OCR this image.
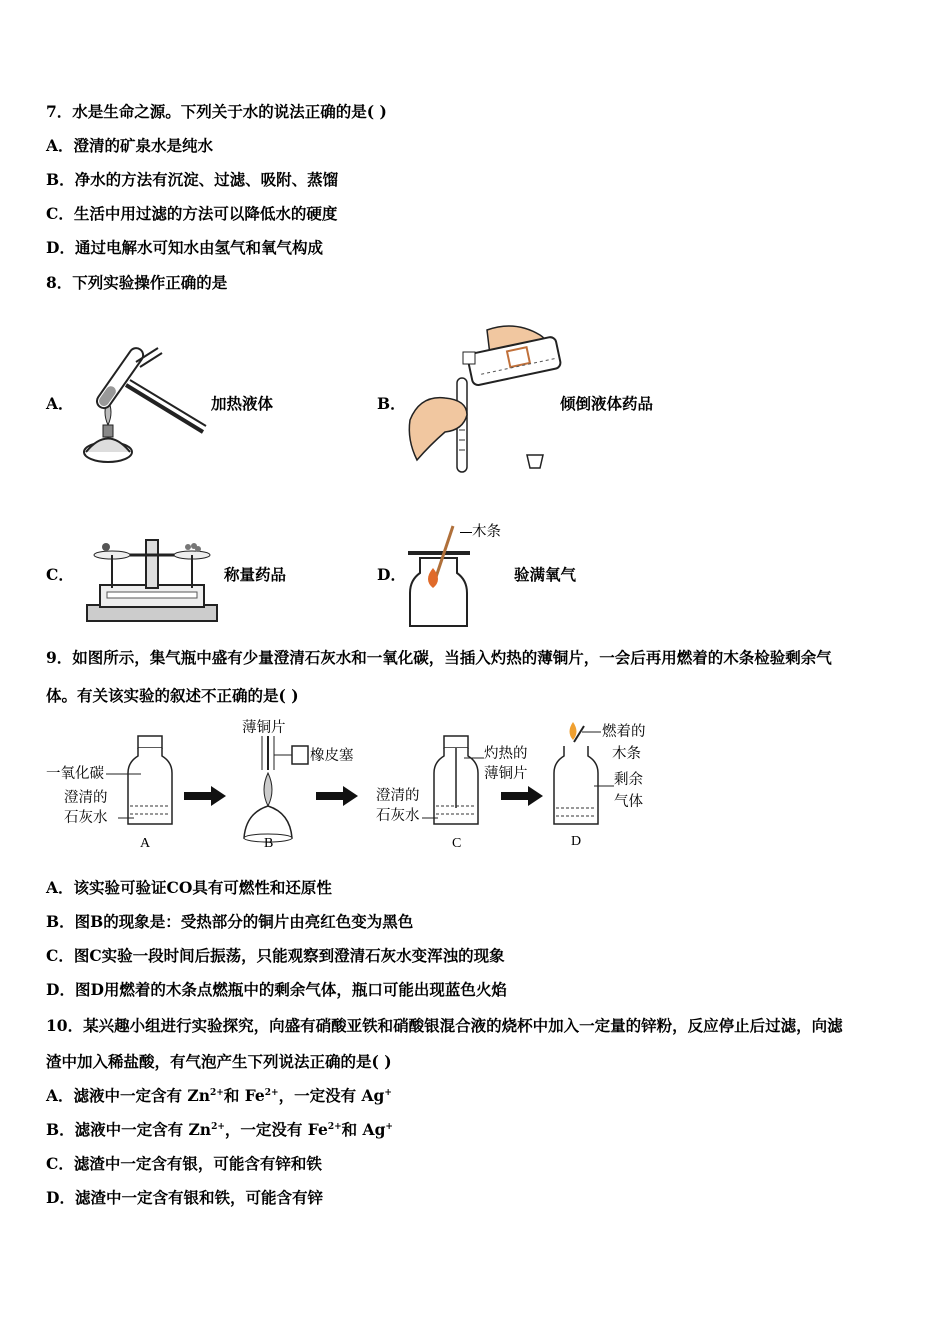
7．水是生命之源。下列关于水的说法正确的是( )
A．澄清的矿泉水是纯水
B．净水的方法有沉淀、过滤、吸附、蒸馏
C．生活中用过滤的方法可以降低水的硬度
D．通过电解水可知水由氢气和氧气构成
8．下列实验操作正确的是
A．	加热液体	B．	倾倒液体药品
C．	称量药品	D．
木条
验满氧气
9．如图所示，集气瓶中盛有少量澄清石灰水和一氧化碳，当插入灼热的薄铜片，一会后再用燃着的木条检验剩余气
体。有关该实验的叙述不正确的是( )
一氧化碳
澄清的
石灰水
薄铜片
橡皮塞
澄清的
石灰水
灼热的
薄铜片
燃着的
木条
剩余
气体
A	B	C	D
A．该实验可验证CO具有可燃性和还原性
B．图B的现象是：受热部分的铜片由亮红色变为黑色
C．图C实验一段时间后振荡，只能观察到澄清石灰水变浑浊的现象
D．图D用燃着的木条点燃瓶中的剩余气体，瓶口可能出现蓝色火焰
10．某兴趣小组进行实验探究，向盛有硝酸亚铁和硝酸银混合液的烧杯中加入一定量的锌粉，反应停止后过滤，向滤
渣中加入稀盐酸，有气泡产生下列说法正确的是( )
A．滤液中一定含有 $Zn^{2+}$和 $Fe^{2+}$，一定没有 Ag+
B．滤液中一定含有 $Zn^{2+}$，一定没有 $Fe^{2+}$和 Ag+
C．滤渣中一定含有银，可能含有锌和铁
D．滤渣中一定含有银和铁，可能含有锌
